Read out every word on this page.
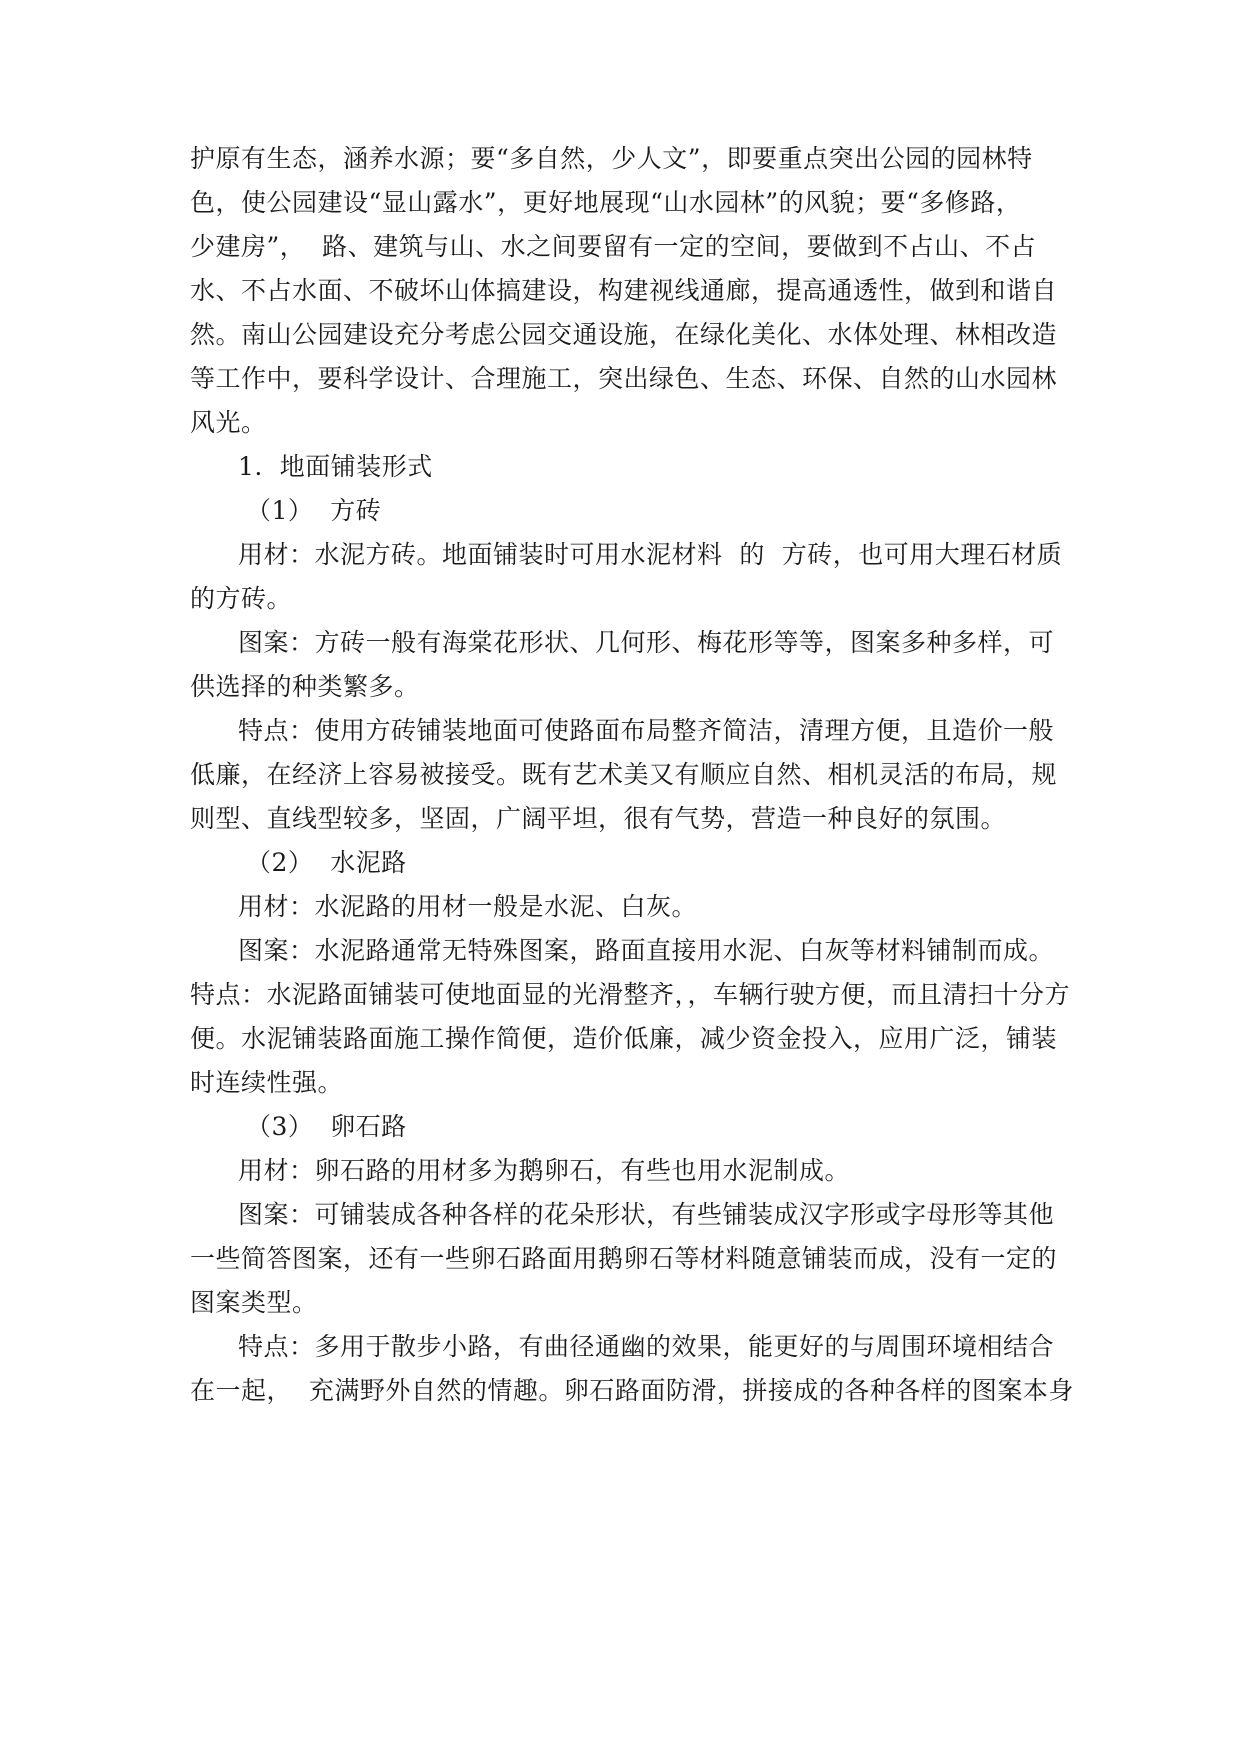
护原有生态，涵养水源；要“多自然，少人文”，即要重点突出公园的园林特

色，使公园建设“显山露水”，更好地展现“山水园林”的风貌；要“多修路，

少建房”，  路、建筑与山、水之间要留有一定的空间，要做到不占山、不占

水、不占水面、不破坏山体搞建设，构建视线通廊，提高通透性，做到和谐自

然。南山公园建设充分考虑公园交通设施，在绿化美化、水体处理、林相改造

等工作中，要科学设计、合理施工，突出绿色、生态、环保、自然的山水园林

风光。

1.  地面铺装形式

（1）  方砖

用材：水泥方砖。地面铺装时可用水泥材料  的  方砖，也可用大理石材质

的方砖。

图案：方砖一般有海棠花形状、几何形、梅花形等等，图案多种多样，可

供选择的种类繁多。

特点：使用方砖铺装地面可使路面布局整齐简洁，清理方便，且造价一般

低廉，在经济上容易被接受。既有艺术美又有顺应自然、相机灵活的布局，规

则型、直线型较多，坚固，广阔平坦，很有气势，营造一种良好的氛围。

（2）  水泥路

用材：水泥路的用材一般是水泥、白灰。

图案：水泥路通常无特殊图案，路面直接用水泥、白灰等材料铺制而成。

特点：水泥路面铺装可使地面显的光滑整齐，，车辆行驶方便，而且清扫十分方

便。水泥铺装路面施工操作简便，造价低廉，减少资金投入，应用广泛，铺装

时连续性强。

（3）  卵石路

用材：卵石路的用材多为鹅卵石，有些也用水泥制成。

图案：可铺装成各种各样的花朵形状，有些铺装成汉字形或字母形等其他

一些简答图案，还有一些卵石路面用鹅卵石等材料随意铺装而成，没有一定的

图案类型。

特点：多用于散步小路，有曲径通幽的效果，能更好的与周围环境相结合

在一起，  充满野外自然的情趣。卵石路面防滑，拼接成的各种各样的图案本身
